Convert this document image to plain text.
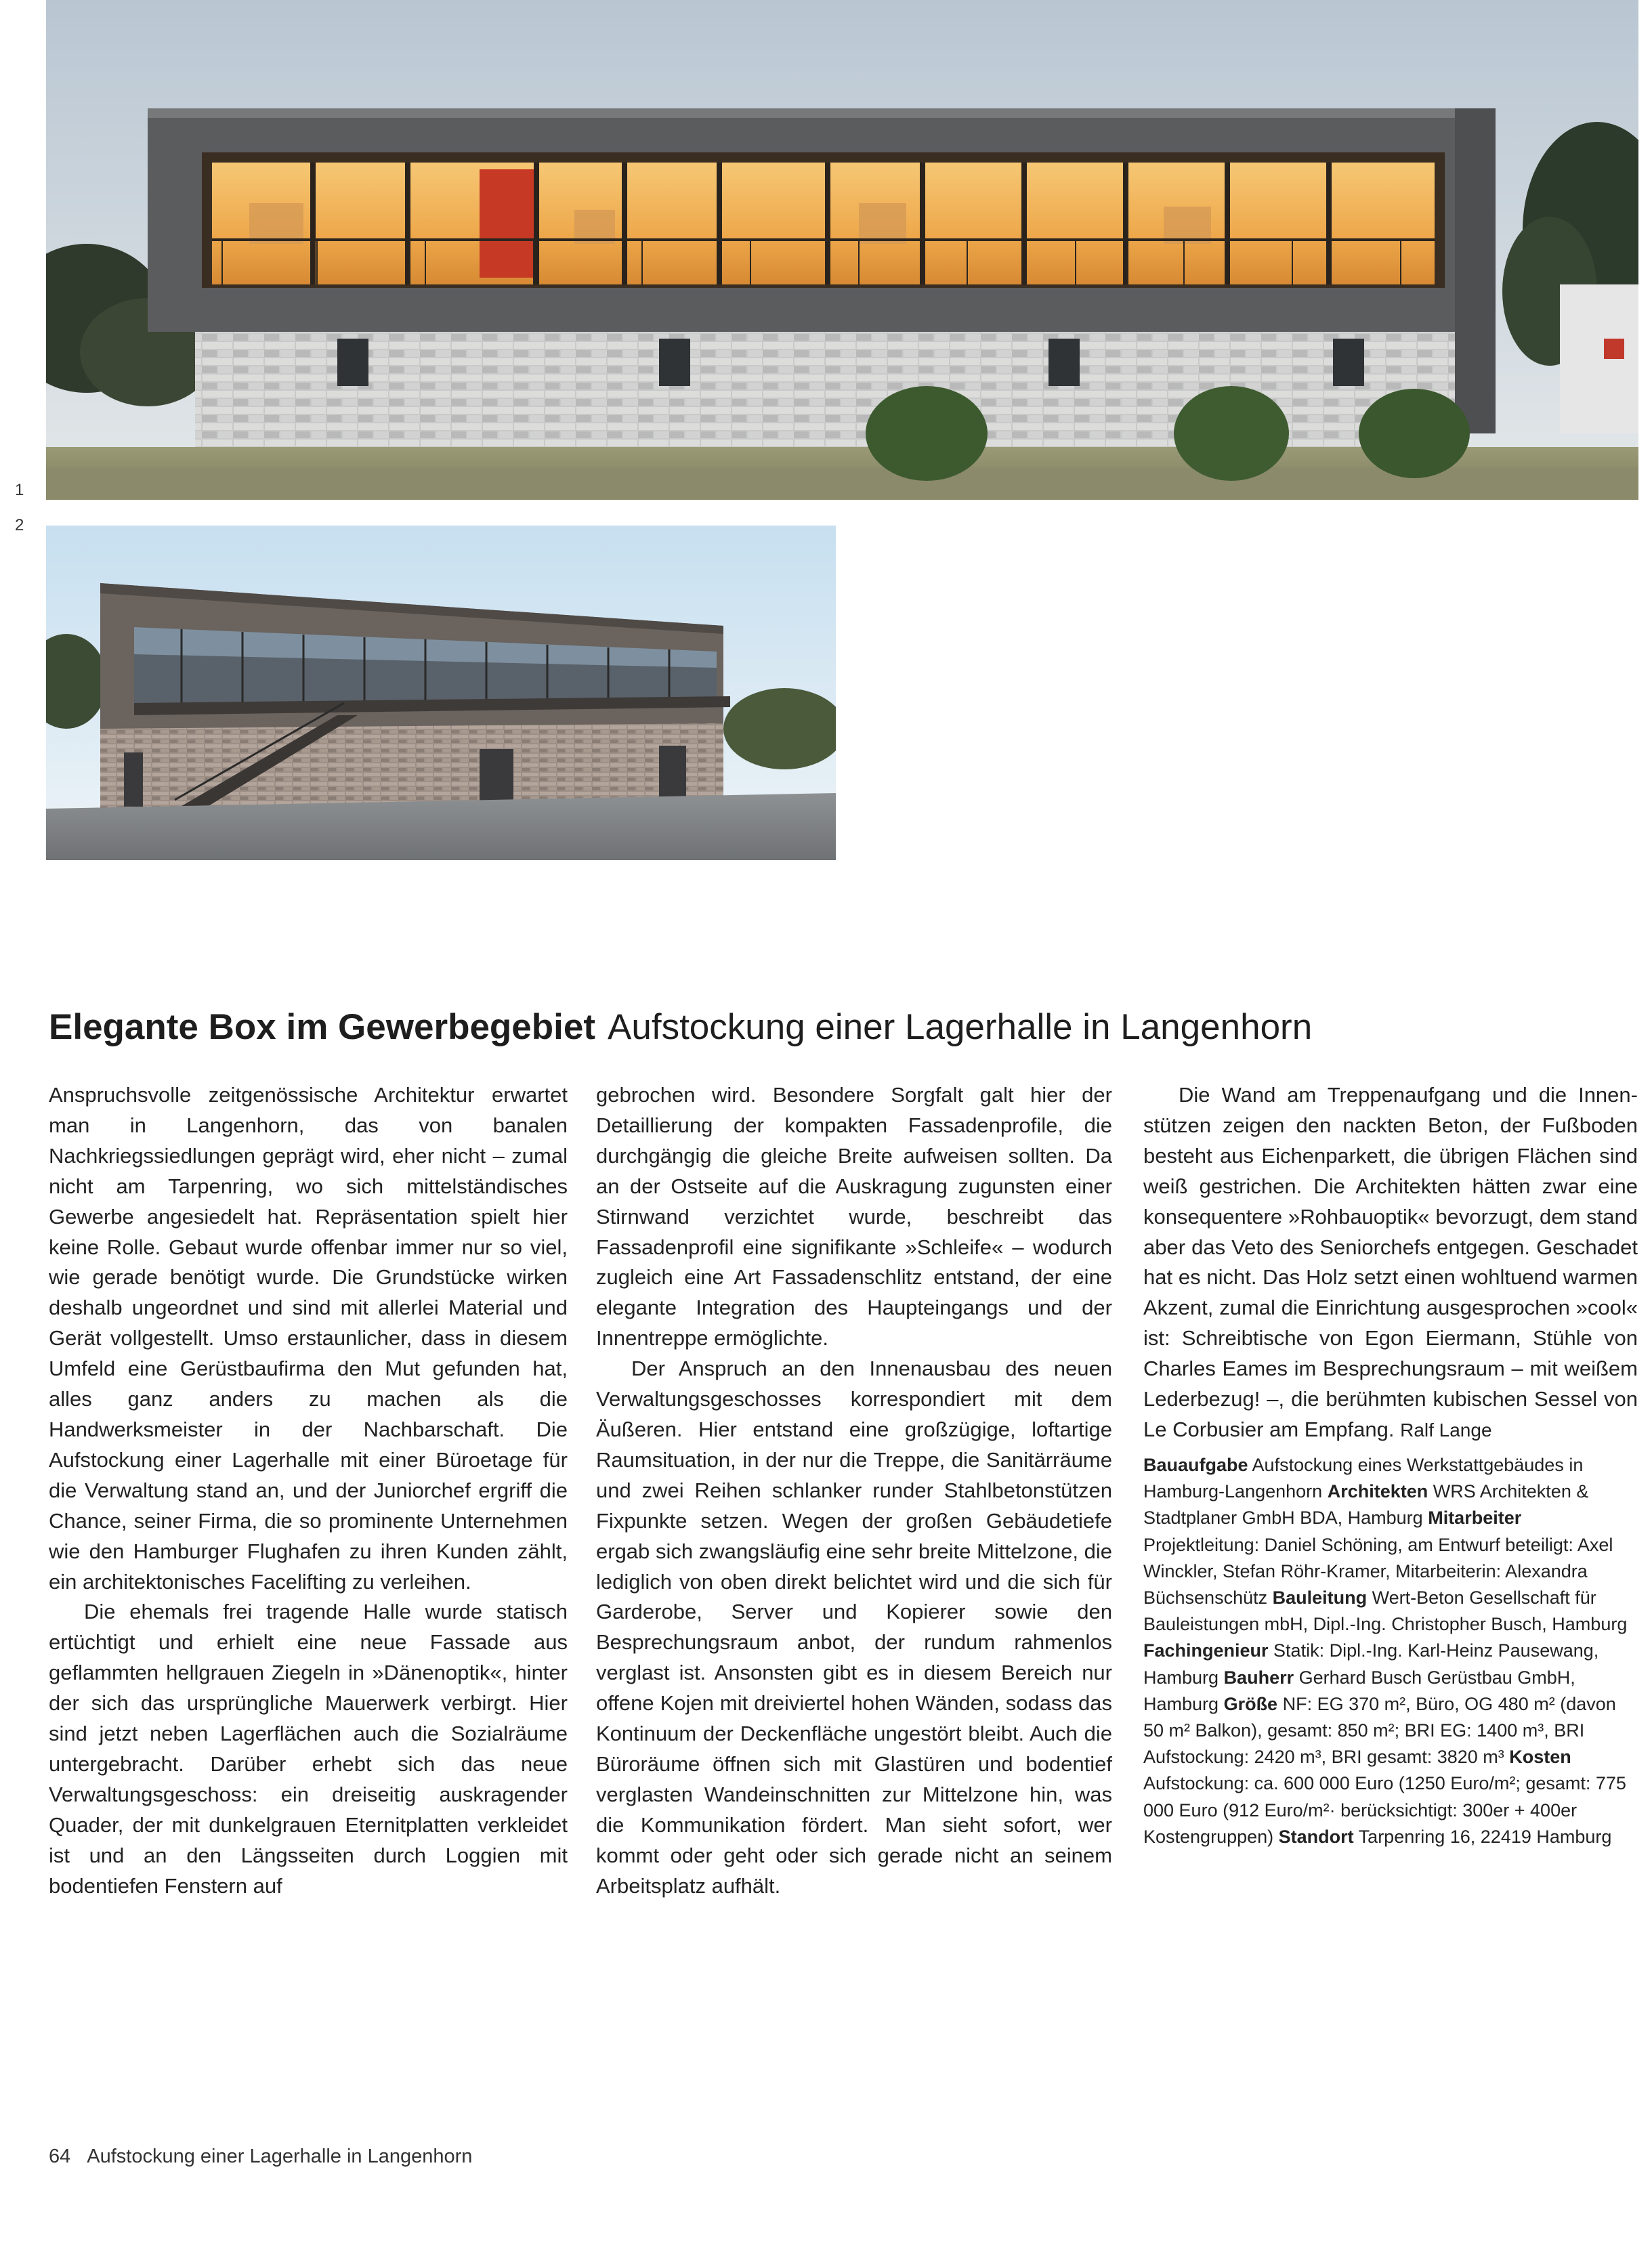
1
2
Elegante Box im Gewerbegebiet Aufstockung einer Lagerhalle in Langenhorn

Anspruchsvolle zeitgenössische Architektur erwartet man in Langenhorn, das von banalen Nachkriegssiedlungen geprägt wird, eher nicht – zumal nicht am Tarpenring, wo sich mittelständisches Gewerbe angesiedelt hat. Repräsentation spielt hier keine Rolle. Gebaut wurde offenbar immer nur so viel, wie gerade benötigt wurde. Die Grundstücke wirken deshalb ungeordnet und sind mit allerlei Material und Gerät vollgestellt. Umso erstaunlicher, dass in diesem Umfeld eine Gerüstbaufirma den Mut gefunden hat, alles ganz anders zu machen als die Handwerksmeister in der Nachbarschaft. Die Aufstockung einer Lagerhalle mit einer Büroetage für die Verwaltung stand an, und der Juniorchef ergriff die Chance, seiner Firma, die so prominente Unternehmen wie den Hamburger Flughafen zu ihren Kunden zählt, ein architektonisches Facelifting zu verleihen.

Die ehemals frei tragende Halle wurde statisch ertüchtigt und erhielt eine neue Fassade aus geflammten hellgrauen Ziegeln in »Dänenoptik«, hinter der sich das ursprüngliche Mauerwerk verbirgt. Hier sind jetzt neben Lagerflächen auch die Sozialräume untergebracht. Darüber erhebt sich das neue Verwaltungsgeschoss: ein dreiseitig auskragender Quader, der mit dunkelgrauen Eternitplatten verkleidet ist und an den Längsseiten durch Loggien mit bodentiefen Fenstern auf

gebrochen wird. Besondere Sorgfalt galt hier der Detaillierung der kompakten Fassadenprofile, die durchgängig die gleiche Breite aufweisen sollten. Da an der Ostseite auf die Auskragung zugunsten einer Stirnwand verzichtet wurde, beschreibt das Fassadenprofil eine signifikante »Schleife« – wodurch zugleich eine Art Fassadenschlitz entstand, der eine elegante Integration des Haupteingangs und der Innentreppe ermöglichte.

Der Anspruch an den Innenausbau des neuen Verwaltungsgeschosses korrespondiert mit dem Äußeren. Hier entstand eine großzügige, loftartige Raumsituation, in der nur die Treppe, die Sanitärräume und zwei Reihen schlanker runder Stahlbetonstützen Fixpunkte setzen. Wegen der großen Gebäudetiefe ergab sich zwangsläufig eine sehr breite Mittelzone, die lediglich von oben direkt belichtet wird und die sich für Garderobe, Server und Kopierer sowie den Besprechungsraum anbot, der rundum rahmenlos verglast ist. Ansonsten gibt es in diesem Bereich nur offene Kojen mit dreiviertel hohen Wänden, sodass das Kontinuum der Deckenfläche ungestört bleibt. Auch die Büroräume öffnen sich mit Glastüren und bodentief verglasten Wandeinschnitten zur Mittelzone hin, was die Kommunikation fördert. Man sieht sofort, wer kommt oder geht oder sich gerade nicht an seinem Arbeitsplatz aufhält.

Die Wand am Treppenaufgang und die Innenstützen zeigen den nackten Beton, der Fußboden besteht aus Eichenparkett, die übrigen Flächen sind weiß gestrichen. Die Architekten hätten zwar eine konsequentere »Rohbauoptik« bevorzugt, dem stand aber das Veto des Seniorchefs entgegen. Geschadet hat es nicht. Das Holz setzt einen wohltuend warmen Akzent, zumal die Einrichtung ausgesprochen »cool« ist: Schreibtische von Egon Eiermann, Stühle von Charles Eames im Besprechungsraum – mit weißem Lederbezug! –, die berühmten kubischen Sessel von Le Corbusier am Empfang. Ralf Lange

Bauaufgabe Aufstockung eines Werkstattgebäudes in Hamburg-Langenhorn Architekten WRS Architekten & Stadtplaner GmbH BDA, Hamburg Mitarbeiter Projektleitung: Daniel Schöning, am Entwurf beteiligt: Axel Winckler, Stefan Röhr-Kramer, Mitarbeiterin: Alexandra Büchsenschütz Bauleitung Wert-Beton Gesellschaft für Bauleistungen mbH, Dipl.-Ing. Christopher Busch, Hamburg Fachingenieur Statik: Dipl.-Ing. Karl-Heinz Pausewang, Hamburg Bauherr Gerhard Busch Gerüstbau GmbH, Hamburg Größe NF: EG 370 m², Büro, OG 480 m² (davon 50 m² Balkon), gesamt: 850 m²; BRI EG: 1400 m³, BRI Aufstockung: 2420 m³, BRI gesamt: 3820 m³ Kosten Aufstockung: ca. 600 000 Euro (1250 Euro/m²; gesamt: 775 000 Euro (912 Euro/m²· berücksichtigt: 300er + 400er Kostengruppen) Standort Tarpenring 16, 22419 Hamburg
64 Aufstockung einer Lagerhalle in Langenhorn
